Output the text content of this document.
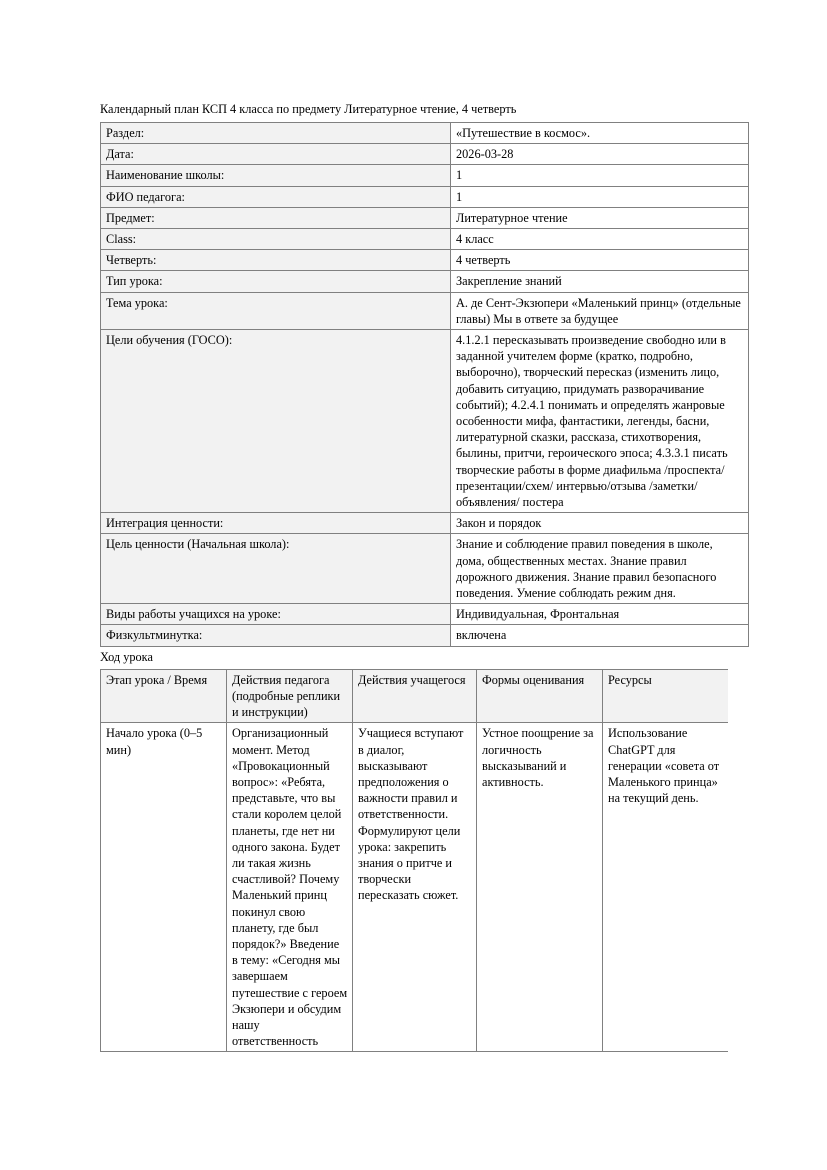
Календарный план КСП 4 класса по предмету Литературное чтение, 4 четверть

Раздел:	«Путешествие в космос».
Дата:	2026-03-28
Наименование школы:	1
ФИО педагога:	1
Предмет:	Литературное чтение
Class:	4 класс
Четверть:	4 четверть
Тип урока:	Закрепление знаний
Тема урока:	А. де Сент-Экзюпери «Маленький принц» (отдельные главы) Мы в ответе за будущее
Цели обучения (ГОСО):	4.1.2.1 пересказывать произведение свободно или в заданной учителем форме (кратко, подробно, выборочно), творческий пересказ (изменить лицо, добавить ситуацию, придумать разворачивание событий); 4.2.4.1 понимать и определять жанровые особенности мифа, фантастики, легенды, басни, литературной сказки, рассказа, стихотворения, былины, притчи, героического эпоса; 4.3.3.1 писать творческие работы в форме диафильма /проспекта/ презентации/схем/ интервью/отзыва /заметки/объявления/ постера
Интеграция ценности:	Закон и порядок
Цель ценности (Начальная школа):	Знание и соблюдение правил поведения в школе, дома, общественных местах. Знание правил дорожного движения. Знание правил безопасного поведения. Умение соблюдать режим дня.
Виды работы учащихся на уроке:	Индивидуальная, Фронтальная
Физкультминутка:	включена

Ход урока

Этап урока / Время	Действия педагога (подробные реплики и инструкции)	Действия учащегося	Формы оценивания	Ресурсы
Начало урока (0–5 мин)	Организационный момент. Метод «Провокационный вопрос»: «Ребята, представьте, что вы стали королем целой планеты, где нет ни одного закона. Будет ли такая жизнь счастливой? Почему Маленький принц покинул свою планету, где был порядок?» Введение в тему: «Сегодня мы завершаем путешествие с героем Экзюпери и обсудим нашу ответственность	Учащиеся вступают в диалог, высказывают предположения о важности правил и ответственности. Формулируют цели урока: закрепить знания о притче и творчески пересказать сюжет.	Устное поощрение за логичность высказываний и активность.	Использование ChatGPT для генерации «совета от Маленького принца» на текущий день.
